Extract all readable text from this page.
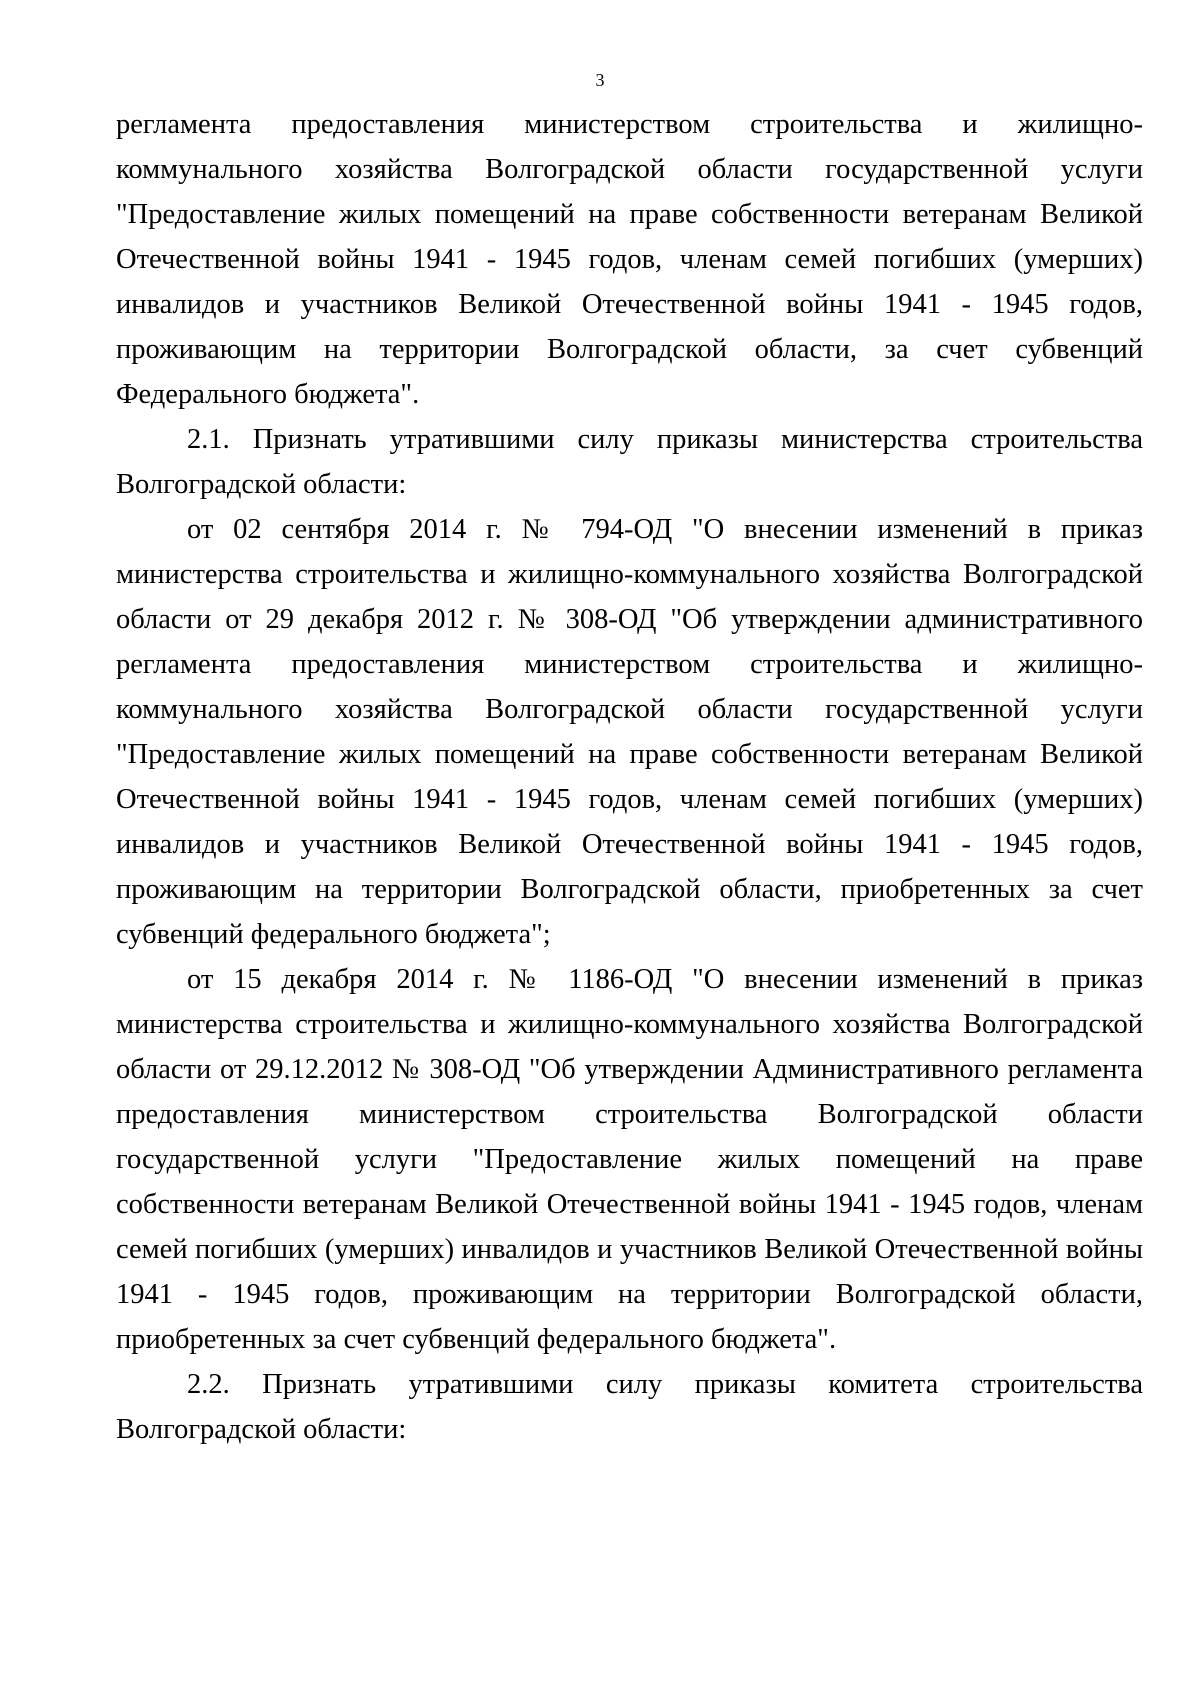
3
регламента предоставления министерством строительства и жилищно-
коммунального хозяйства Волгоградской области государственной услуги
"Предоставление жилых помещений на праве собственности ветеранам Великой
Отечественной войны 1941 - 1945 годов, членам семей погибших (умерших)
инвалидов и участников Великой Отечественной войны 1941 - 1945 годов,
проживающим на территории Волгоградской области, за счет субвенций
Федерального бюджета".
2.1. Признать утратившими силу приказы министерства строительства
Волгоградской области:
от 02 сентября 2014 г. № 794-ОД "О внесении изменений в приказ
министерства строительства и жилищно-коммунального хозяйства Волгоградской
области от 29 декабря 2012 г. № 308-ОД "Об утверждении административного
регламента предоставления министерством строительства и жилищно-
коммунального хозяйства Волгоградской области государственной услуги
"Предоставление жилых помещений на праве собственности ветеранам Великой
Отечественной войны 1941 - 1945 годов, членам семей погибших (умерших)
инвалидов и участников Великой Отечественной войны 1941 - 1945 годов,
проживающим на территории Волгоградской области, приобретенных за счет
субвенций федерального бюджета";
от 15 декабря 2014 г. № 1186-ОД "О внесении изменений в приказ
министерства строительства и жилищно-коммунального хозяйства Волгоградской
области от 29.12.2012 № 308-ОД "Об утверждении Административного регламента
предоставления министерством строительства Волгоградской области
государственной услуги "Предоставление жилых помещений на праве
собственности ветеранам Великой Отечественной войны 1941 - 1945 годов, членам
семей погибших (умерших) инвалидов и участников Великой Отечественной войны
1941 - 1945 годов, проживающим на территории Волгоградской области,
приобретенных за счет субвенций федерального бюджета".
2.2. Признать утратившими силу приказы комитета строительства
Волгоградской области:
